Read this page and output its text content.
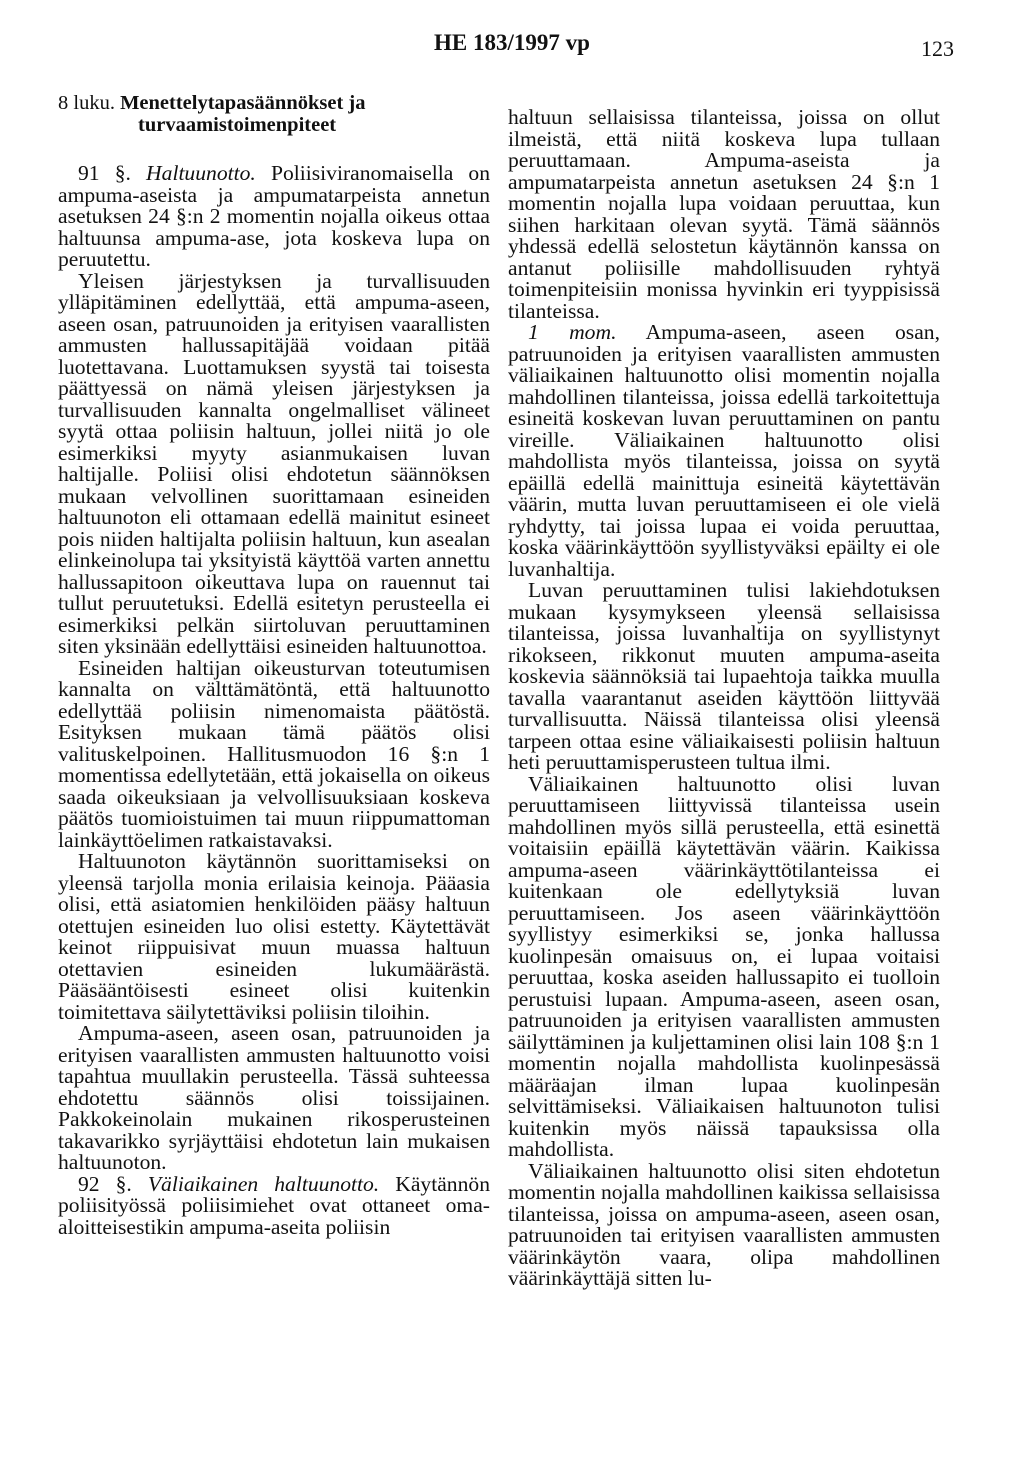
HE 183/1997 vp	123
8 luku. Menettelytapasäännökset ja
turvaamistoimenpiteet

91 §. Haltuunotto. Poliisiviranomaisella on ampuma-aseista ja ampumatarpeista annetun asetuksen 24 §:n 2 momentin nojalla oikeus ottaa haltuunsa ampuma-ase, jota koskeva lupa on peruutettu.

Yleisen järjestyksen ja turvallisuuden ylläpitäminen edellyttää, että ampuma-aseen, aseen osan, patruunoiden ja erityisen vaarallisten ammusten hallussapitäjää voidaan pitää luotettavana. Luottamuksen syystä tai toisesta päättyessä on nämä yleisen järjestyksen ja turvallisuuden kannalta ongelmalliset välineet syytä ottaa poliisin haltuun, jollei niitä jo ole esimerkiksi myyty asianmukaisen luvan haltijalle. Poliisi olisi ehdotetun säännöksen mukaan velvollinen suorittamaan esineiden haltuunoton eli ottamaan edellä mainitut esineet pois niiden haltijalta poliisin haltuun, kun asealan elinkeinolupa tai yksityistä käyttöä varten annettu hallussapitoon oikeuttava lupa on rauennut tai tullut peruutetuksi. Edellä esitetyn perusteella ei esimerkiksi pelkän siirtoluvan peruuttaminen siten yksinään edellyttäisi esineiden haltuunottoa.

Esineiden haltijan oikeusturvan toteutumisen kannalta on välttämätöntä, että haltuunotto edellyttää poliisin nimenomaista päätöstä. Esityksen mukaan tämä päätös olisi valituskelpoinen. Hallitusmuodon 16 §:n 1 momentissa edellytetään, että jokaisella on oikeus saada oikeuksiaan ja velvollisuuksiaan koskeva päätös tuomioistuimen tai muun riippumattoman lainkäyttöelimen ratkaistavaksi.

Haltuunoton käytännön suorittamiseksi on yleensä tarjolla monia erilaisia keinoja. Pääasia olisi, että asiatomien henkilöiden pääsy haltuun otettujen esineiden luo olisi estetty. Käytettävät keinot riippuisivat muun muassa haltuun otettavien esineiden lukumäärästä. Pääsääntöisesti esineet olisi kuitenkin toimitettava säilytettäviksi poliisin tiloihin.

Ampuma-aseen, aseen osan, patruunoiden ja erityisen vaarallisten ammusten haltuunotto voisi tapahtua muullakin perusteella. Tässä suhteessa ehdotettu säännös olisi toissijainen. Pakkokeinolain mukainen rikosperusteinen takavarikko syrjäyttäisi ehdotetun lain mukaisen haltuunoton.

92 §. Väliaikainen haltuunotto. Käytännön poliisityössä poliisimiehet ovat ottaneet oma-aloitteisestikin ampuma-aseita poliisin

haltuun sellaisissa tilanteissa, joissa on ollut ilmeistä, että niitä koskeva lupa tullaan peruuttamaan. Ampuma-aseista ja ampumatarpeista annetun asetuksen 24 §:n 1 momentin nojalla lupa voidaan peruuttaa, kun siihen harkitaan olevan syytä. Tämä säännös yhdessä edellä selostetun käytännön kanssa on antanut poliisille mahdollisuuden ryhtyä toimenpiteisiin monissa hyvinkin eri tyyppisissä tilanteissa.

1 mom. Ampuma-aseen, aseen osan, patruunoiden ja erityisen vaarallisten ammusten väliaikainen haltuunotto olisi momentin nojalla mahdollinen tilanteissa, joissa edellä tarkoitettuja esineitä koskevan luvan peruuttaminen on pantu vireille. Väliaikainen haltuunotto olisi mahdollista myös tilanteissa, joissa on syytä epäillä edellä mainittuja esineitä käytettävän väärin, mutta luvan peruuttamiseen ei ole vielä ryhdytty, tai joissa lupaa ei voida peruuttaa, koska väärinkäyttöön syyllistyväksi epäilty ei ole luvanhaltija.

Luvan peruuttaminen tulisi lakiehdotuksen mukaan kysymykseen yleensä sellaisissa tilanteissa, joissa luvanhaltija on syyllistynyt rikokseen, rikkonut muuten ampuma-aseita koskevia säännöksiä tai lupaehtoja taikka muulla tavalla vaarantanut aseiden käyttöön liittyvää turvallisuutta. Näissä tilanteissa olisi yleensä tarpeen ottaa esine väliaikaisesti poliisin haltuun heti peruuttamisperusteen tultua ilmi.

Väliaikainen haltuunotto olisi luvan peruuttamiseen liittyvissä tilanteissa usein mahdollinen myös sillä perusteella, että esinettä voitaisiin epäillä käytettävän väärin. Kaikissa ampuma-aseen väärinkäyttötilanteissa ei kuitenkaan ole edellytyksiä luvan peruuttamiseen. Jos aseen väärinkäyttöön syyllistyy esimerkiksi se, jonka hallussa kuolinpesän omaisuus on, ei lupaa voitaisi peruuttaa, koska aseiden hallussapito ei tuolloin perustuisi lupaan. Ampuma-aseen, aseen osan, patruunoiden ja erityisen vaarallisten ammusten säilyttäminen ja kuljettaminen olisi lain 108 §:n 1 momentin nojalla mahdollista kuolinpesässä määräajan ilman lupaa kuolinpesän selvittämiseksi. Väliaikaisen haltuunoton tulisi kuitenkin myös näissä tapauksissa olla mahdollista.

Väliaikainen haltuunotto olisi siten ehdotetun momentin nojalla mahdollinen kaikissa sellaisissa tilanteissa, joissa on ampuma-aseen, aseen osan, patruunoiden tai erityisen vaarallisten ammusten väärinkäytön vaara, olipa mahdollinen väärinkäyttäjä sitten lu-
